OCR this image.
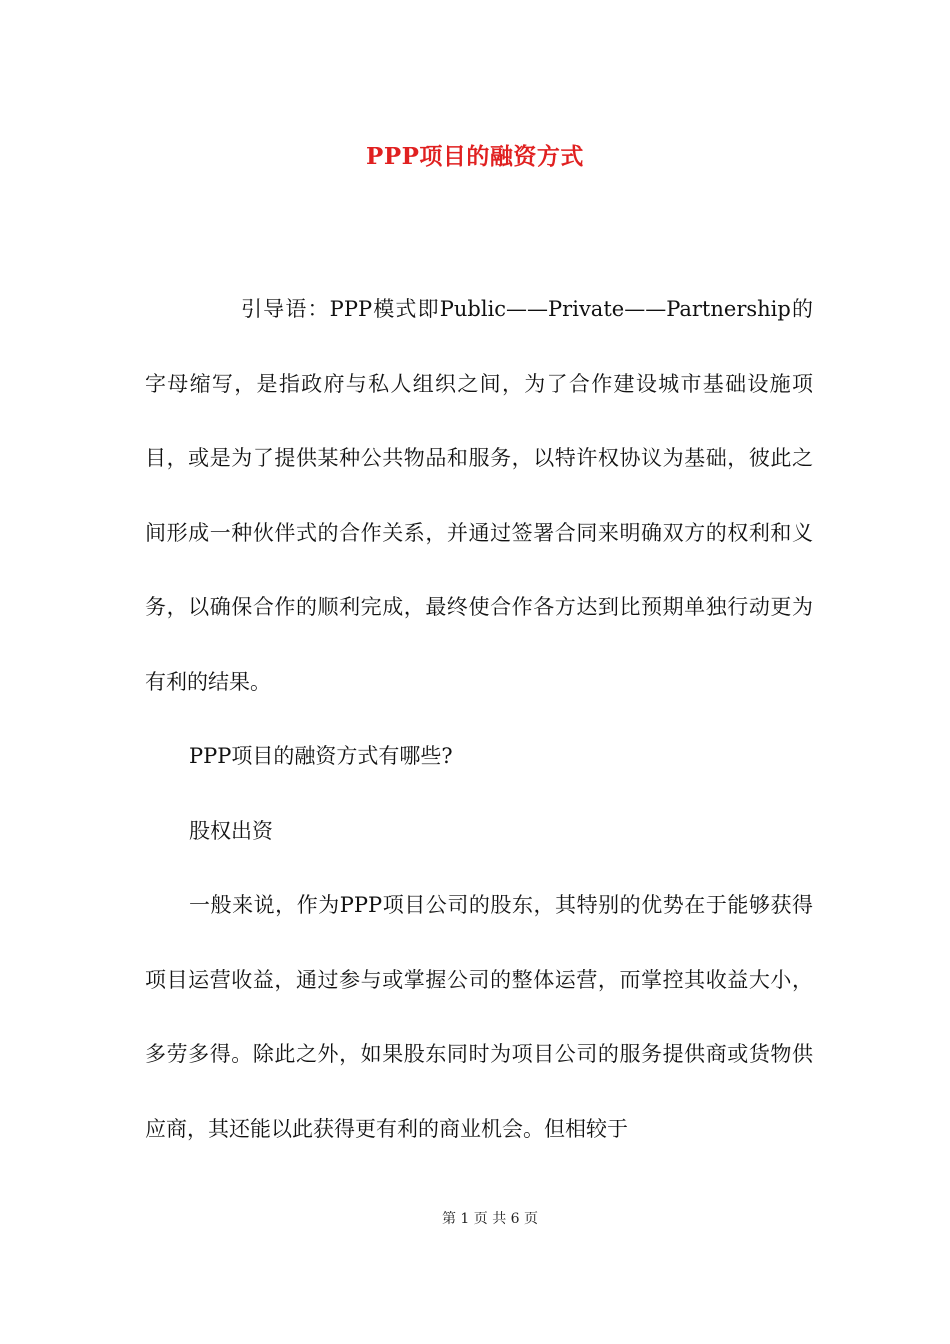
PPP项目的融资方式

引导语：PPP模式即Public——Private——Partnership的字母缩写，是指政府与私人组织之间，为了合作建设城市基础设施项目，或是为了提供某种公共物品和服务，以特许权协议为基础，彼此之间形成一种伙伴式的合作关系，并通过签署合同来明确双方的权利和义务，以确保合作的顺利完成，最终使合作各方达到比预期单独行动更为有利的结果。

PPP项目的融资方式有哪些?

股权出资

一般来说，作为PPP项目公司的股东，其特别的优势在于能够获得项目运营收益，通过参与或掌握公司的整体运营，而掌控其收益大小，多劳多得。除此之外，如果股东同时为项目公司的服务提供商或货物供应商，其还能以此获得更有利的商业机会。但相较于

第 1 页 共 6 页
